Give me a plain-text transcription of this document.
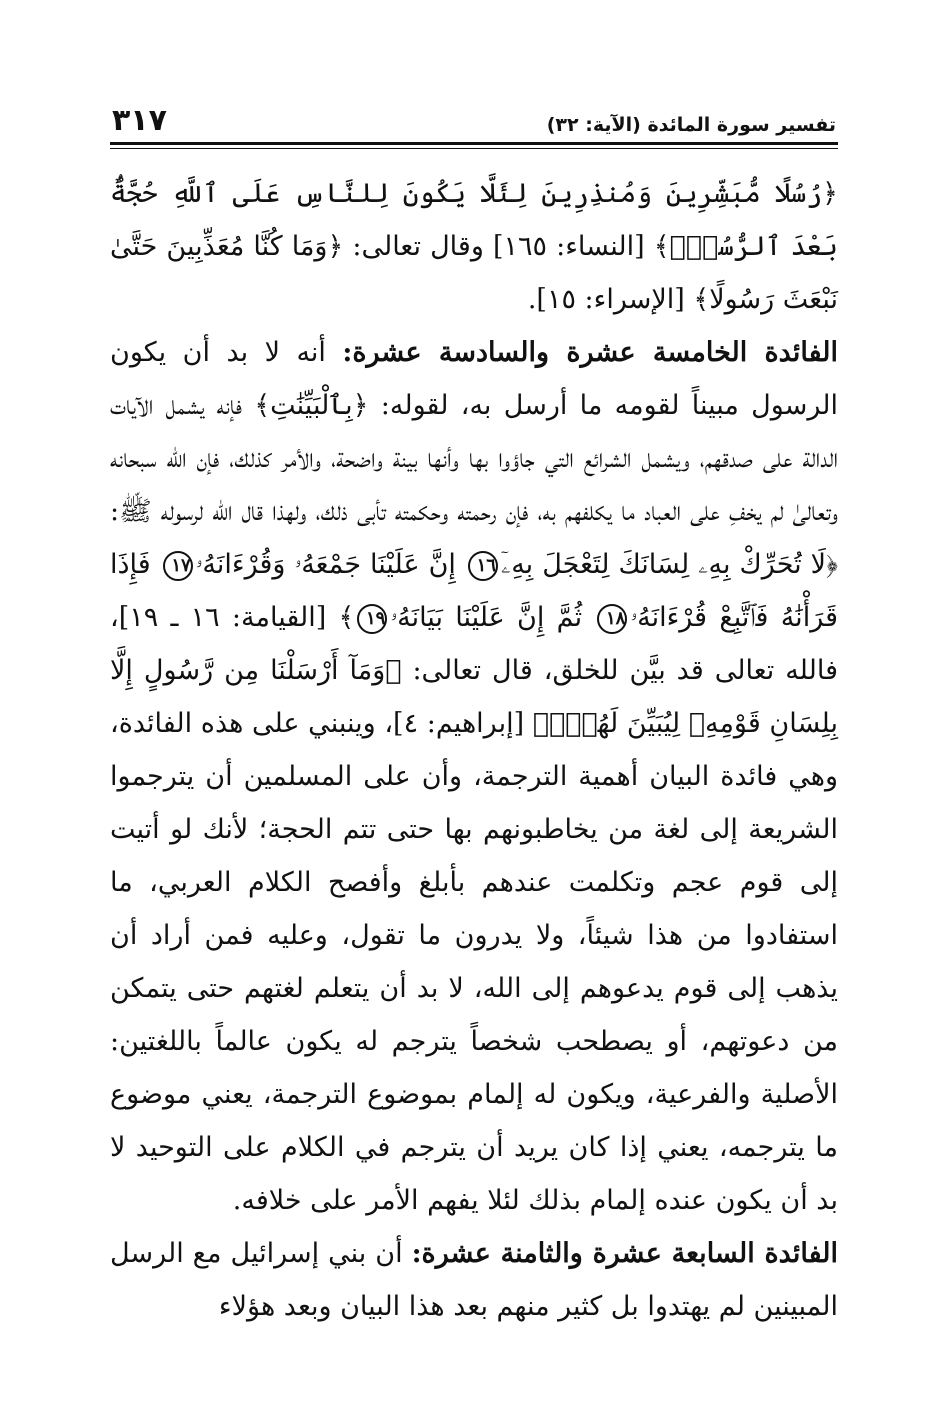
تفسير سورة المائدة (الآية: ٣٢)
٣١٧

﴿رُسُلًا مُّبَشِّرِينَ وَمُنذِرِينَ لِئَلَّا يَكُونَ لِلنَّاسِ عَلَى ٱللَّهِ حُجَّةٌۢ بَعْدَ ٱلرُّسُلِۚ﴾ [النساء: ١٦٥] وقال تعالى: ﴿وَمَا كُنَّا مُعَذِّبِينَ حَتَّىٰ نَبْعَثَ رَسُولًا﴾ [الإسراء: ١٥].

الفائدة الخامسة عشرة والسادسة عشرة: أنه لا بد أن يكون الرسول مبيناً لقومه ما أرسل به، لقوله: ﴿بِٱلْبَيِّنَٰتِ﴾ فإنه يشمل الآيات الدالة على صدقهم، ويشمل الشرائع التي جاؤوا بها وأنها بينة واضحة، والأمر كذلك، فإن الله سبحانه وتعالىٰ لم يخفِ على العباد ما يكلفهم به، فإن رحمته وحكمته تأبى ذلك، ولهذا قال الله لرسوله ﷺ: ﴿لَا تُحَرِّكْ بِهِۦ لِسَانَكَ لِتَعْجَلَ بِهِۦٓ١٦ إِنَّ عَلَيْنَا جَمْعَهُۥ وَقُرْءَانَهُۥ١٧ فَإِذَا قَرَأْنَٰهُ فَٱتَّبِعْ قُرْءَانَهُۥ١٨ ثُمَّ إِنَّ عَلَيْنَا بَيَانَهُۥ١٩﴾ [القيامة: ١٦ ـ ١٩]، فالله تعالى قد بيَّن للخلق، قال تعالى: ﴿وَمَآ أَرْسَلْنَا مِن رَّسُولٍ إِلَّا بِلِسَانِ قَوْمِهِۦ لِيُبَيِّنَ لَهُمْۖ﴾ [إبراهيم: ٤]، وينبني على هذه الفائدة، وهي فائدة البيان أهمية الترجمة، وأن على المسلمين أن يترجموا الشريعة إلى لغة من يخاطبونهم بها حتى تتم الحجة؛ لأنك لو أتيت إلى قوم عجم وتكلمت عندهم بأبلغ وأفصح الكلام العربي، ما استفادوا من هذا شيئاً، ولا يدرون ما تقول، وعليه فمن أراد أن يذهب إلى قوم يدعوهم إلى الله، لا بد أن يتعلم لغتهم حتى يتمكن من دعوتهم، أو يصطحب شخصاً يترجم له يكون عالماً باللغتين: الأصلية والفرعية، ويكون له إلمام بموضوع الترجمة، يعني موضوع ما يترجمه، يعني إذا كان يريد أن يترجم في الكلام على التوحيد لا بد أن يكون عنده إلمام بذلك لئلا يفهم الأمر على خلافه.

الفائدة السابعة عشرة والثامنة عشرة: أن بني إسرائيل مع الرسل المبينين لم يهتدوا بل كثير منهم بعد هذا البيان وبعد هؤلاء
